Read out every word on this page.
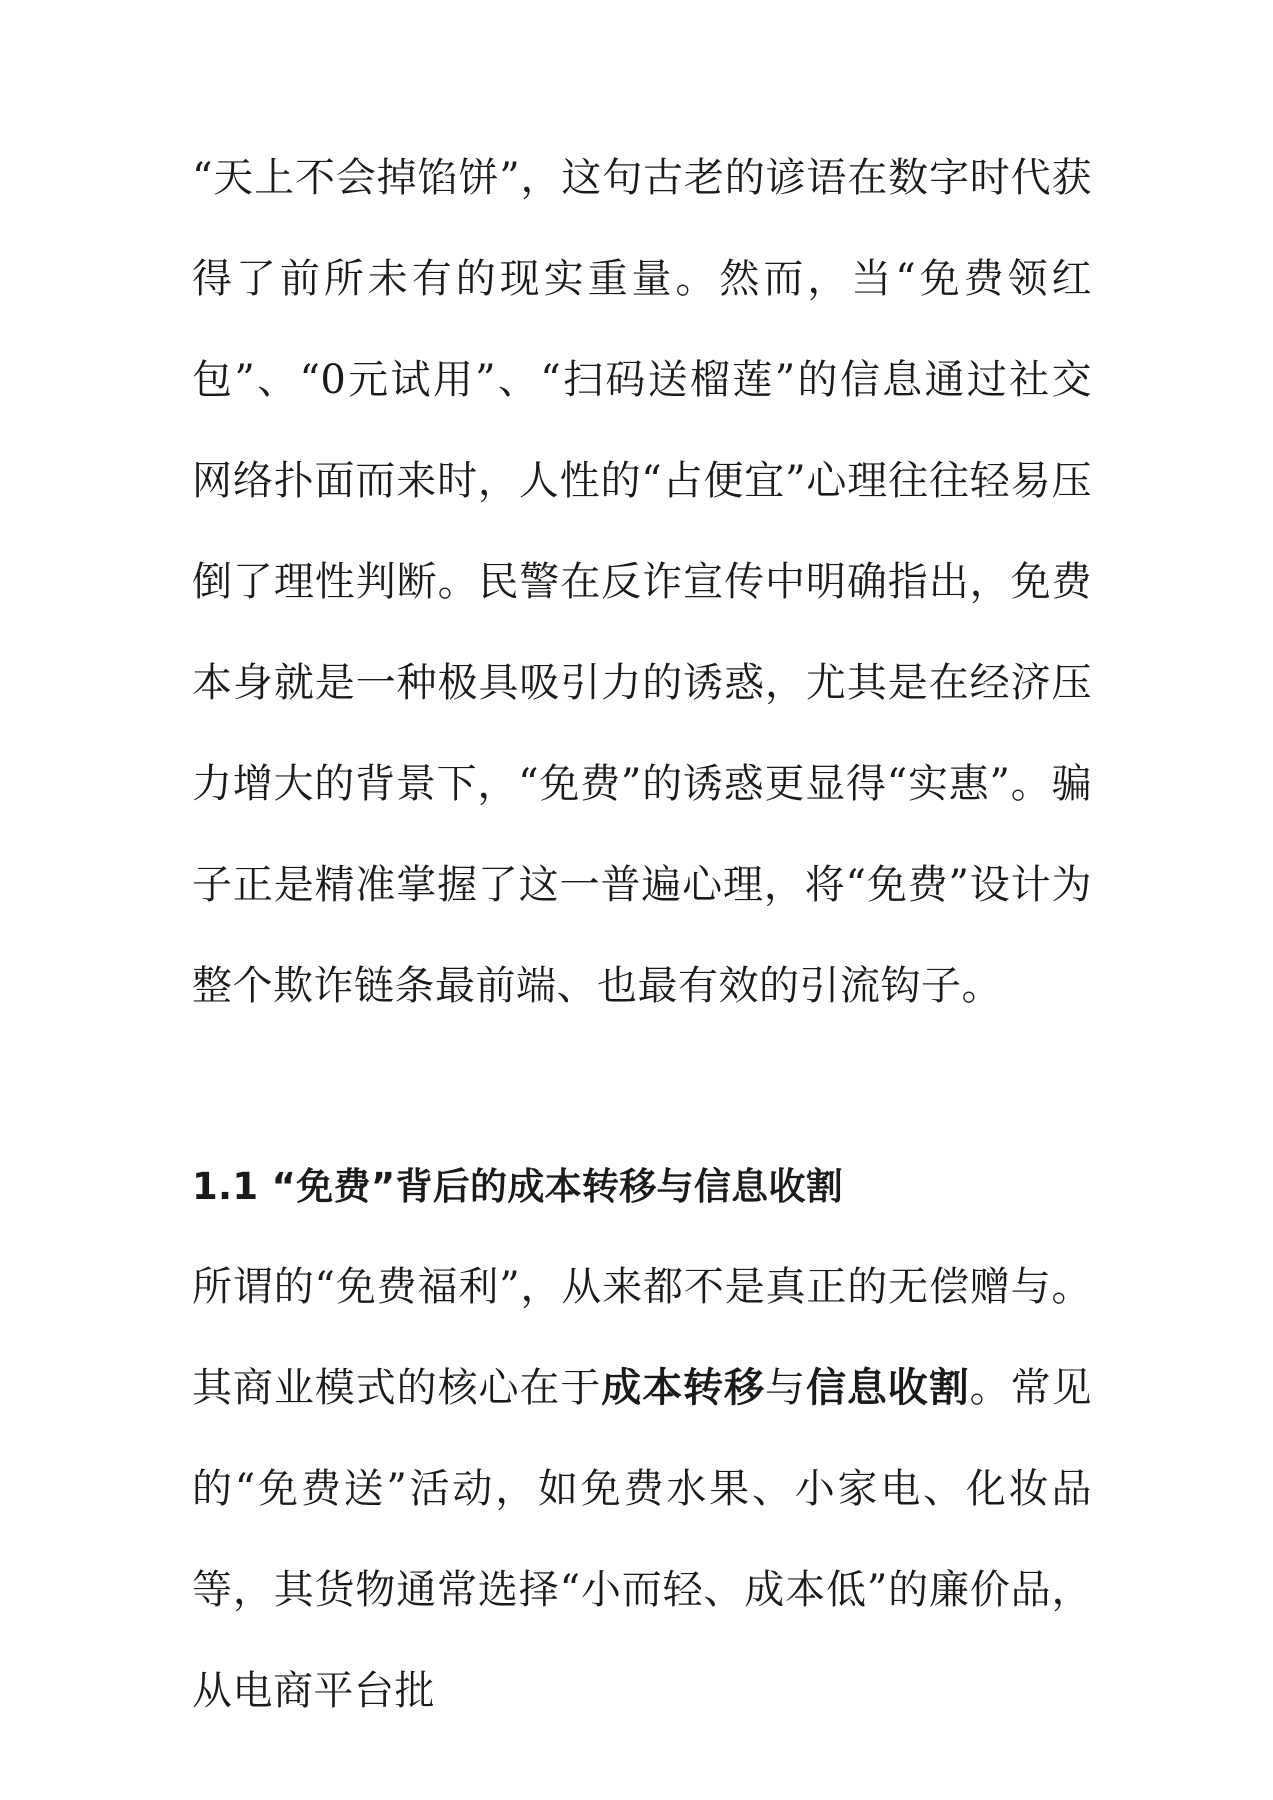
“天上不会掉馅饼”，这句古老的谚语在数字时代获得了前所未有的现实重量。然而，当“免费领红包”、“0元试用”、“扫码送榴莲”的信息通过社交网络扑面而来时，人性的“占便宜”心理往往轻易压倒了理性判断。民警在反诈宣传中明确指出，免费本身就是一种极具吸引力的诱惑，尤其是在经济压力增大的背景下，“免费”的诱惑更显得“实惠”。骗子正是精准掌握了这一普遍心理，将“免费”设计为整个欺诈链条最前端、也最有效的引流钩子。

1.1 “免费”背后的成本转移与信息收割

所谓的“免费福利”，从来都不是真正的无偿赠与。其商业模式的核心在于成本转移与信息收割。常见的“免费送”活动，如免费水果、小家电、化妆品等，其货物通常选择“小而轻、成本低”的廉价品，从电商平台批
